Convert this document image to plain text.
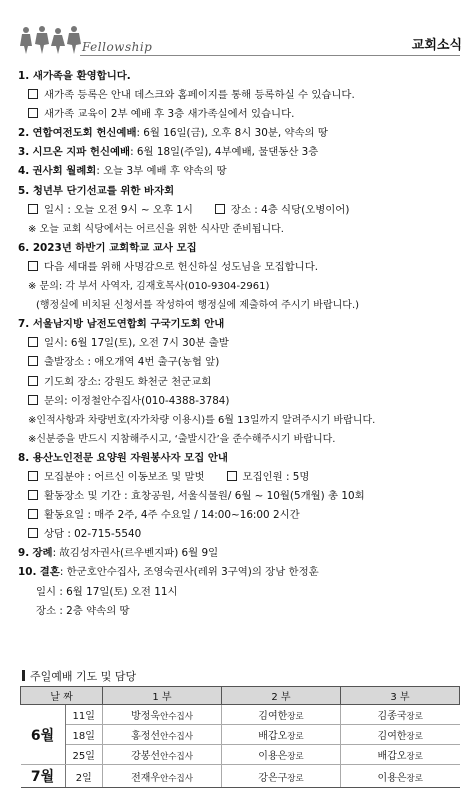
Fellowship	교회소식
1. 새가족을 환영합니다.
새가족 등록은 안내 데스크와 홈페이지를 통해 등록하실 수 있습니다.
새가족 교육이 2부 예배 후 3층 새가족실에서 있습니다.
2. 연합여전도회 헌신예배: 6월 16일(금), 오후 8시 30분, 약속의 땅
3. 시므온 지파 헌신예배: 6월 18일(주일), 4부예배, 물댄동산 3층
4. 권사회 월례회: 오늘 3부 예배 후 약속의 땅
5. 청년부 단기선교를 위한 바자회
일시 : 오늘 오전 9시 ~ 오후 1시	장소 : 4층 식당(오병이어)
※ 오늘 교회 식당에서는 어르신을 위한 식사만 준비됩니다.
6. 2023년 하반기 교회학교 교사 모집
다음 세대를 위해 사명감으로 헌신하실 성도님을 모집합니다.
※ 문의: 각 부서 사역자, 김재호목사(010-9304-2961)
(행정실에 비치된 신청서를 작성하여 행정실에 제출하여 주시기 바랍니다.)
7. 서울남지방 남전도연합회 구국기도회 안내
일시: 6월 17일(토), 오전 7시 30분 출발
출발장소 : 애오개역 4번 출구(농협 앞)
기도회 장소: 강원도 화천군 천군교회
문의: 이정철안수집사(010-4388-3784)
※인적사항과 차량번호(자가차량 이용시)를 6월 13일까지 알려주시기 바랍니다.
※신분증을 반드시 지참해주시고, ‘출발시간’을 준수해주시기 바랍니다.
8. 용산노인전문 요양원 자원봉사자 모집 안내
모집분야 : 어르신 이동보조 및 말벗	모집인원 : 5명
활동장소 및 기간 : 효창공원, 서울식물원/ 6월 ~ 10월(5개월) 총 10회
활동요일 : 매주 2주, 4주 수요일 / 14:00~16:00 2시간
상담 : 02-715-5540
9. 장례: 故김성자권사(르우벤지파) 6월 9일
10. 결혼: 한군호안수집사, 조영숙권사(레위 3구역)의 장남 한정훈
일시 : 6월 17일(토) 오전 11시
장소 : 2층 약속의 땅
주일예배 기도 및 담당
날 짜		1 부	2 부	3 부
6월	11일	방정욱안수집사	김여한장로	김종국장로
	18일	홍정선안수집사	배갑오장로	김여한장로
	25일	강봉선안수집사	이용은장로	배갑오장로
7월	2일	전재우안수집사	강은구장로	이용은장로
